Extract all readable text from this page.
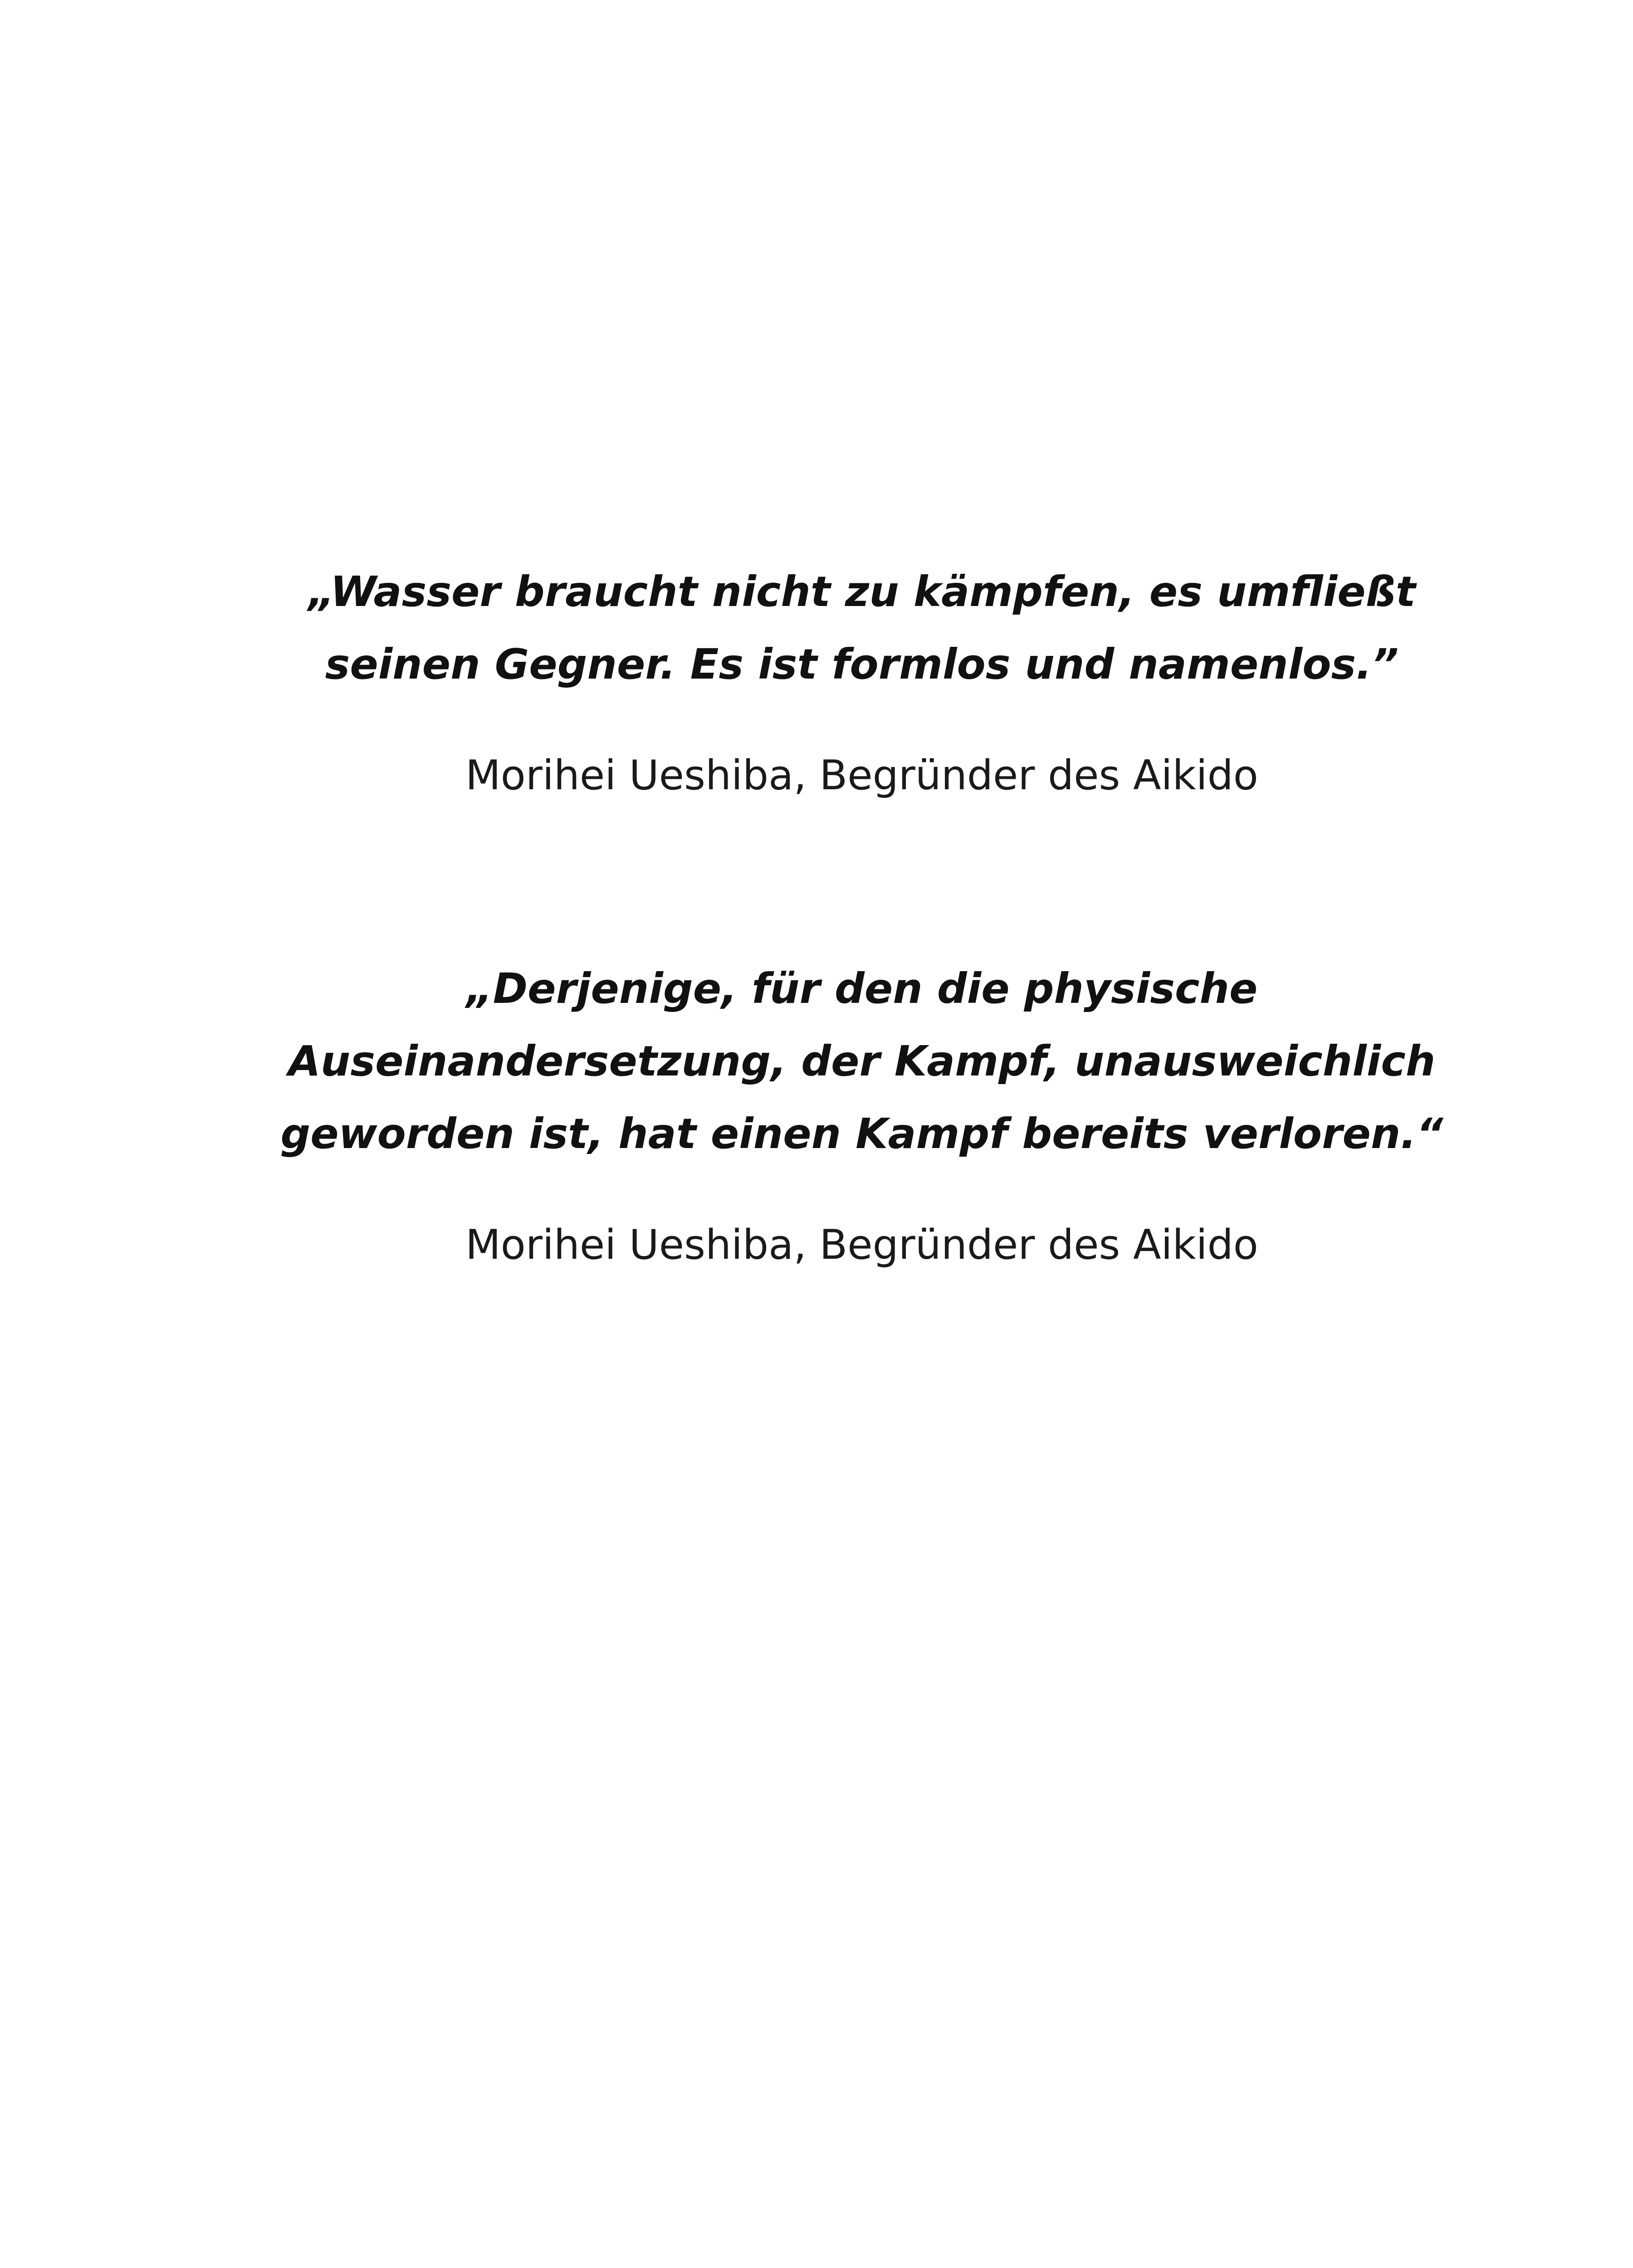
„Wasser braucht nicht zu kämpfen, es umfließt
seinen Gegner. Es ist formlos und namenlos.”

Morihei Ueshiba, Begründer des Aikido

„Derjenige, für den die physische
Auseinandersetzung, der Kampf, unausweichlich
geworden ist, hat einen Kampf bereits verloren.“

Morihei Ueshiba, Begründer des Aikido
